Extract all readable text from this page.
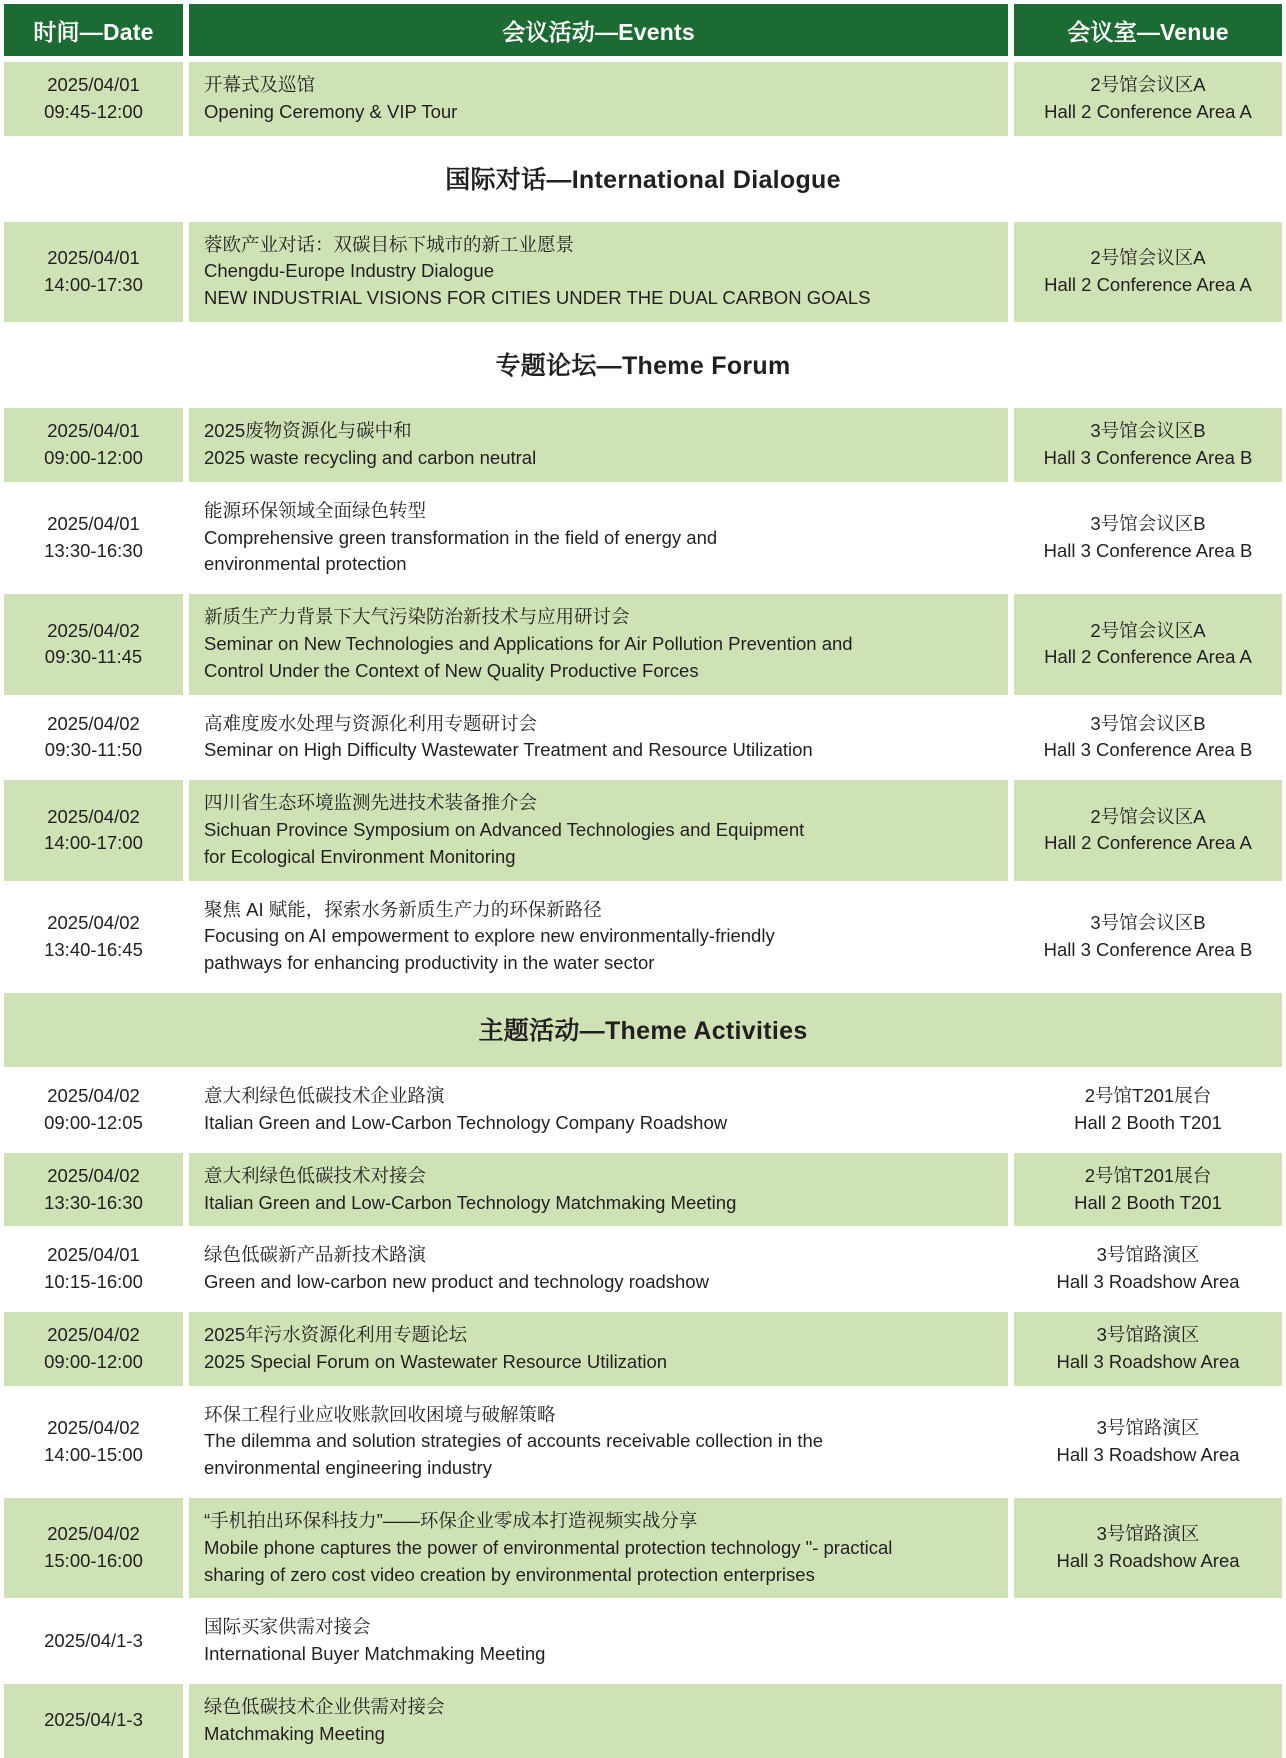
时间—Date	会议活动—Events	会议室—Venue
2025/04/01
09:45-12:00
开幕式及巡馆
Opening Ceremony & VIP Tour
2号馆会议区A
Hall 2 Conference Area A
国际对话—International Dialogue
2025/04/01
14:00-17:30
蓉欧产业对话：双碳目标下城市的新工业愿景
Chengdu-Europe Industry Dialogue
NEW INDUSTRIAL VISIONS FOR CITIES UNDER THE DUAL CARBON GOALS
2号馆会议区A
Hall 2 Conference Area A
专题论坛—Theme Forum
2025/04/01
09:00-12:00
2025废物资源化与碳中和
2025 waste recycling and carbon neutral
3号馆会议区B
Hall 3 Conference Area B
2025/04/01
13:30-16:30
能源环保领域全面绿色转型
Comprehensive green transformation in the field of energy and
environmental protection
3号馆会议区B
Hall 3 Conference Area B
2025/04/02
09:30-11:45
新质生产力背景下大气污染防治新技术与应用研讨会
Seminar on New Technologies and Applications for Air Pollution Prevention and
Control Under the Context of New Quality Productive Forces
2号馆会议区A
Hall 2 Conference Area A
2025/04/02
09:30-11:50
高难度废水处理与资源化利用专题研讨会
Seminar on High Difficulty Wastewater Treatment and Resource Utilization
3号馆会议区B
Hall 3 Conference Area B
2025/04/02
14:00-17:00
四川省生态环境监测先进技术装备推介会
Sichuan Province Symposium on Advanced Technologies and Equipment
for Ecological Environment Monitoring
2号馆会议区A
Hall 2 Conference Area A
2025/04/02
13:40-16:45
聚焦 AI 赋能，探索水务新质生产力的环保新路径
Focusing on AI empowerment to explore new environmentally-friendly
pathways for enhancing productivity in the water sector
3号馆会议区B
Hall 3 Conference Area B
主题活动—Theme Activities
2025/04/02
09:00-12:05
意大利绿色低碳技术企业路演
Italian Green and Low-Carbon Technology Company Roadshow
2号馆T201展台
Hall 2 Booth T201
2025/04/02
13:30-16:30
意大利绿色低碳技术对接会
Italian Green and Low-Carbon Technology Matchmaking Meeting
2号馆T201展台
Hall 2 Booth T201
2025/04/01
10:15-16:00
绿色低碳新产品新技术路演
Green and low-carbon new product and technology roadshow
3号馆路演区
Hall 3 Roadshow Area
2025/04/02
09:00-12:00
2025年污水资源化利用专题论坛
2025 Special Forum on Wastewater Resource Utilization
3号馆路演区
Hall 3 Roadshow Area
2025/04/02
14:00-15:00
环保工程行业应收账款回收困境与破解策略
The dilemma and solution strategies of accounts receivable collection in the
environmental engineering industry
3号馆路演区
Hall 3 Roadshow Area
2025/04/02
15:00-16:00
“手机拍出环保科技力”——环保企业零成本打造视频实战分享
Mobile phone captures the power of environmental protection technology "- practical
sharing of zero cost video creation by environmental protection enterprises
3号馆路演区
Hall 3 Roadshow Area
2025/04/1-3
国际买家供需对接会
International Buyer Matchmaking Meeting

2025/04/1-3
绿色低碳技术企业供需对接会
Matchmaking Meeting
